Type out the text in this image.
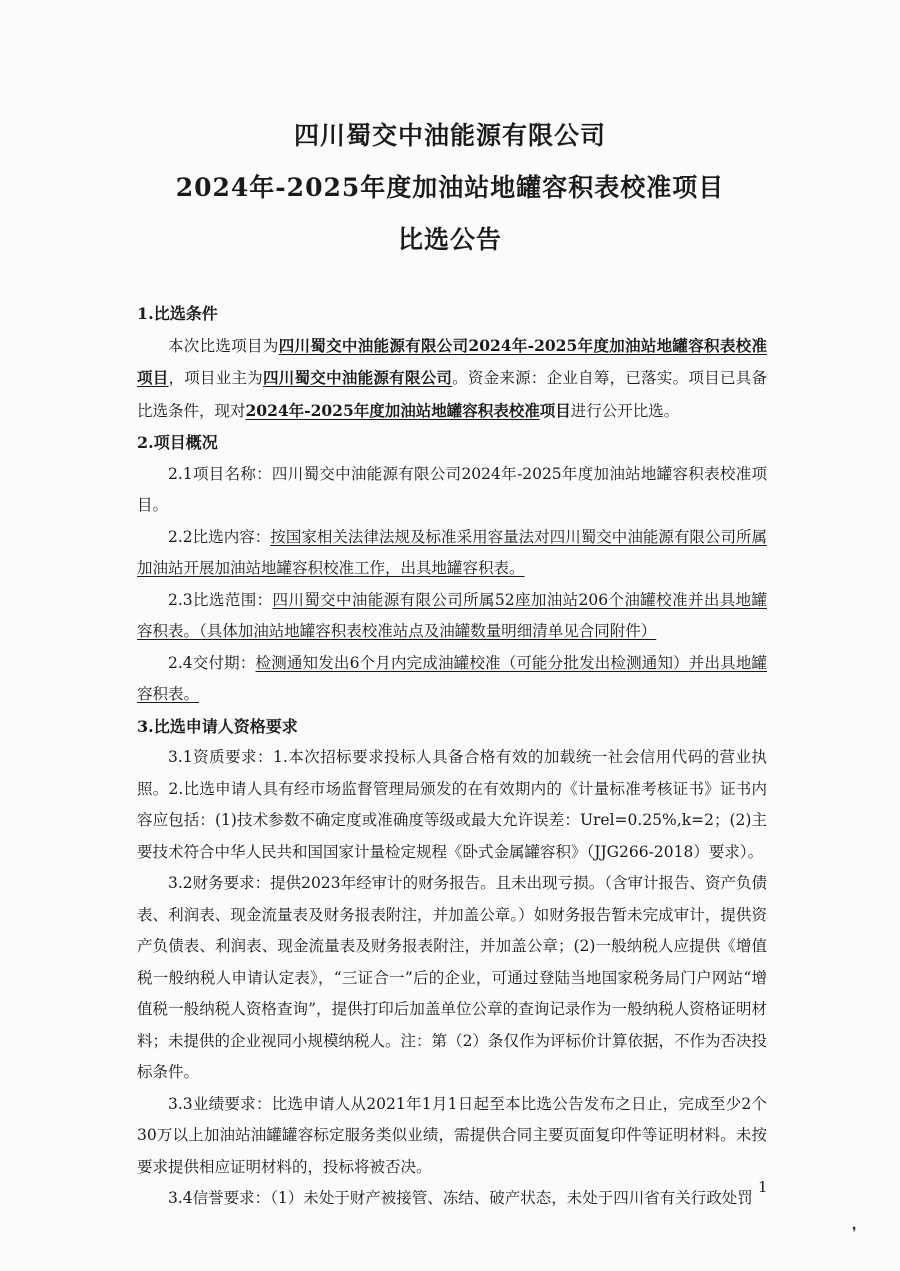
四川蜀交中油能源有限公司
2024年-2025年度加油站地罐容积表校准项目
比选公告

1.比选条件

本次比选项目为四川蜀交中油能源有限公司2024年-2025年度加油站地罐容积表校准项目，项目业主为四川蜀交中油能源有限公司。资金来源：企业自筹，已落实。项目已具备比选条件，现对2024年-2025年度加油站地罐容积表校准项目进行公开比选。

2.项目概况

2.1项目名称：四川蜀交中油能源有限公司2024年-2025年度加油站地罐容积表校准项目。

2.2比选内容：按国家相关法律法规及标准采用容量法对四川蜀交中油能源有限公司所属加油站开展加油站地罐容积校准工作，出具地罐容积表。

2.3比选范围：四川蜀交中油能源有限公司所属52座加油站206个油罐校准并出具地罐容积表。（具体加油站地罐容积表校准站点及油罐数量明细清单见合同附件）

2.4交付期：检测通知发出6个月内完成油罐校准（可能分批发出检测通知）并出具地罐容积表。

3.比选申请人资格要求

3.1资质要求：1.本次招标要求投标人具备合格有效的加载统一社会信用代码的营业执照。2.比选申请人具有经市场监督管理局颁发的在有效期内的《计量标准考核证书》证书内容应包括：(1)技术参数不确定度或准确度等级或最大允许误差：Urel=0.25%,k=2；(2)主要技术符合中华人民共和国国家计量检定规程《卧式金属罐容积》（JJG266-2018）要求）。

3.2财务要求：提供2023年经审计的财务报告。且未出现亏损。（含审计报告、资产负债表、利润表、现金流量表及财务报表附注，并加盖公章。）如财务报告暂未完成审计，提供资产负债表、利润表、现金流量表及财务报表附注，并加盖公章；(2)一般纳税人应提供《增值税一般纳税人申请认定表》，“三证合一”后的企业，可通过登陆当地国家税务局门户网站“增值税一般纳税人资格查询”，提供打印后加盖单位公章的查询记录作为一般纳税人资格证明材料；未提供的企业视同小规模纳税人。注：第（2）条仅作为评标价计算依据，不作为否决投标条件。

3.3业绩要求：比选申请人从2021年1月1日起至本比选公告发布之日止，完成至少2个30万以上加油站油罐罐容标定服务类似业绩，需提供合同主要页面复印件等证明材料。未按要求提供相应证明材料的，投标将被否决。

3.4信誉要求：（1）未处于财产被接管、冻结、破产状态，未处于四川省有关行政处罚

1
❜
